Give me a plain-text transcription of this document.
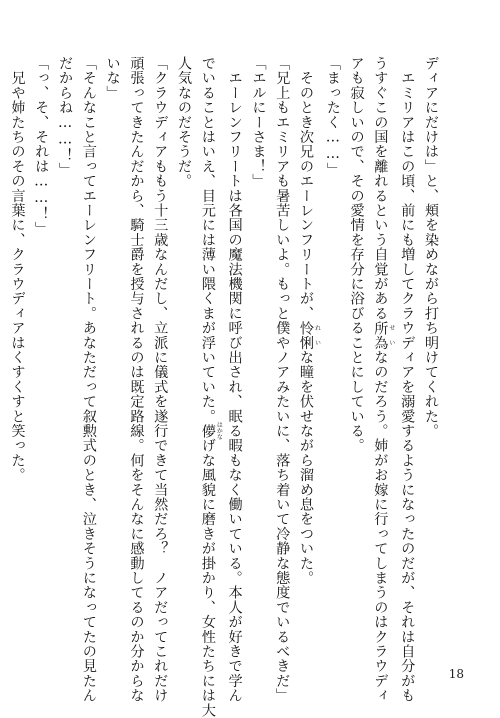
ディアにだけは」と、頬を染めながら打ち明けてくれた。

　エミリアはこの頃、前にも増してクラウディアを溺愛するようになったのだが、それは自分がも

うすぐこの国を離れるという自覚がある所為 せいなのだろう。姉がお嫁に行ってしまうのはクラウディ

アも寂しいので、その愛情を存分に浴びることにしている。

「まったく……」

　そのとき次兄のエーレンフリートが、怜悧 れいな瞳を伏せながら溜め息をついた。

「兄上もエミリアも暑苦しいよ。もっと僕やノアみたいに、落ち着いて冷静な態度でいるべきだ」

「エルにーさま！」

　エーレンフリートは各国の魔法機関に呼び出され、眠る暇もなく働いている。本人が好きで学ん

でいることはいえ、目元には薄い隈くまが浮いていた。儚 はかなげな風貌に磨きが掛かり、女性たちには大

人気なのだそうだ。

「クラウディアももう十三歳なんだし、立派に儀式を遂行できて当然だろ？　ノアだってこれだけ

頑張ってきたんだから、騎士爵を授与されるのは既定路線。何をそんなに感動してるのか分からな

いな」

「そんなこと言ってエーレンフリート。あなただって叙勲式のとき、泣きそうになってたの見たん

だからね……！」

「っ、そ、それは……！」

　兄や姉たちのその言葉に、クラウディアはくすくすと笑った。

18
